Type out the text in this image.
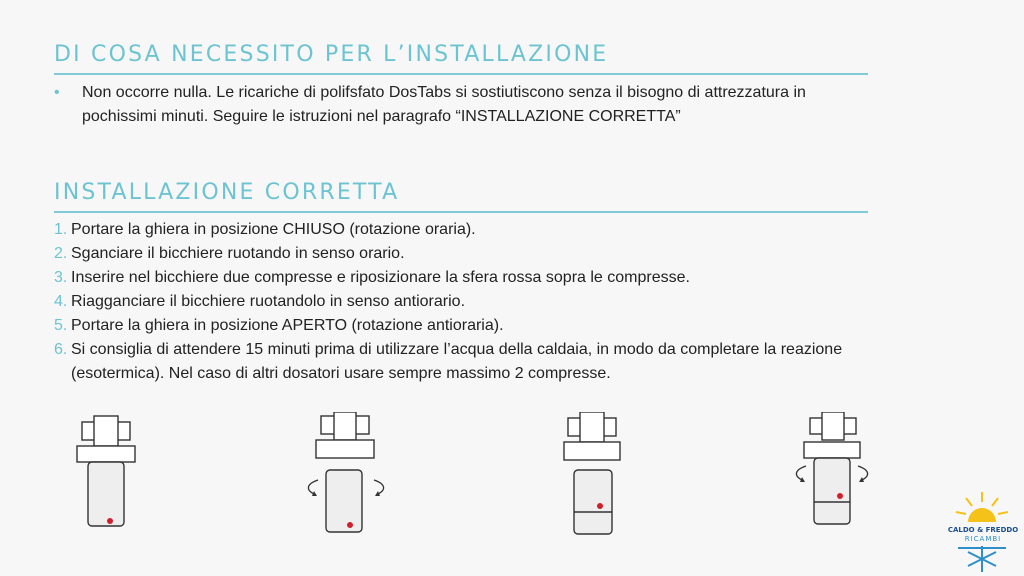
DI COSA NECESSITO PER L’INSTALLAZIONE
• Non occorre nulla. Le ricariche di polifsfato DosTabs si sostiutiscono senza il bisogno di attrezzatura in pochissimi minuti. Seguire le istruzioni nel paragrafo “INSTALLAZIONE CORRETTA”
INSTALLAZIONE CORRETTA
1. Portare la ghiera in posizione CHIUSO (rotazione oraria).
2. Sganciare il bicchiere ruotando in senso orario.
3. Inserire nel bicchiere due compresse e riposizionare la sfera rossa sopra le compresse.
4. Riagganciare il bicchiere ruotandolo in senso antiorario.
5. Portare la ghiera in posizione APERTO (rotazione antioraria).
6. Si consiglia di attendere 15 minuti prima di utilizzare l’acqua della caldaia, in modo da completare la reazione (esotermica). Nel caso di altri dosatori usare sempre massimo 2 compresse.
CALDO & FREDDO
RICAMBI
